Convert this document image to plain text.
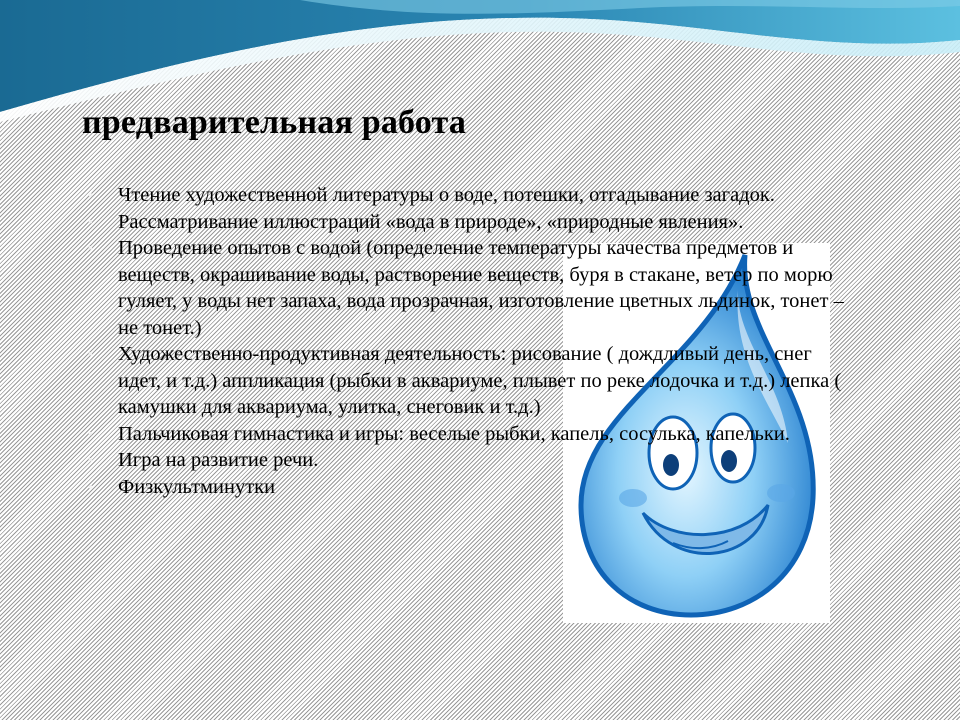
предварительная работа
● Чтение художественной литературы о воде, потешки, отгадывание загадок.
● Рассматривание иллюстраций «вода в природе», «природные явления».
● Проведение опытов с водой (определение температуры качества предметов и веществ, окрашивание воды, растворение веществ, буря в стакане, ветер по морю гуляет, у воды нет запаха, вода прозрачная, изготовление цветных льдинок, тонет – не тонет.)
● Художественно-продуктивная деятельность: рисование ( дождливый день, снег идет, и т.д.) аппликация (рыбки в аквариуме, плывет по реке лодочка и т.д.) лепка ( камушки для аквариума, улитка, снеговик и т.д.)
● Пальчиковая гимнастика и игры: веселые рыбки, капель, сосулька, капельки.
● Игра на развитие речи.
● Физкультминутки
